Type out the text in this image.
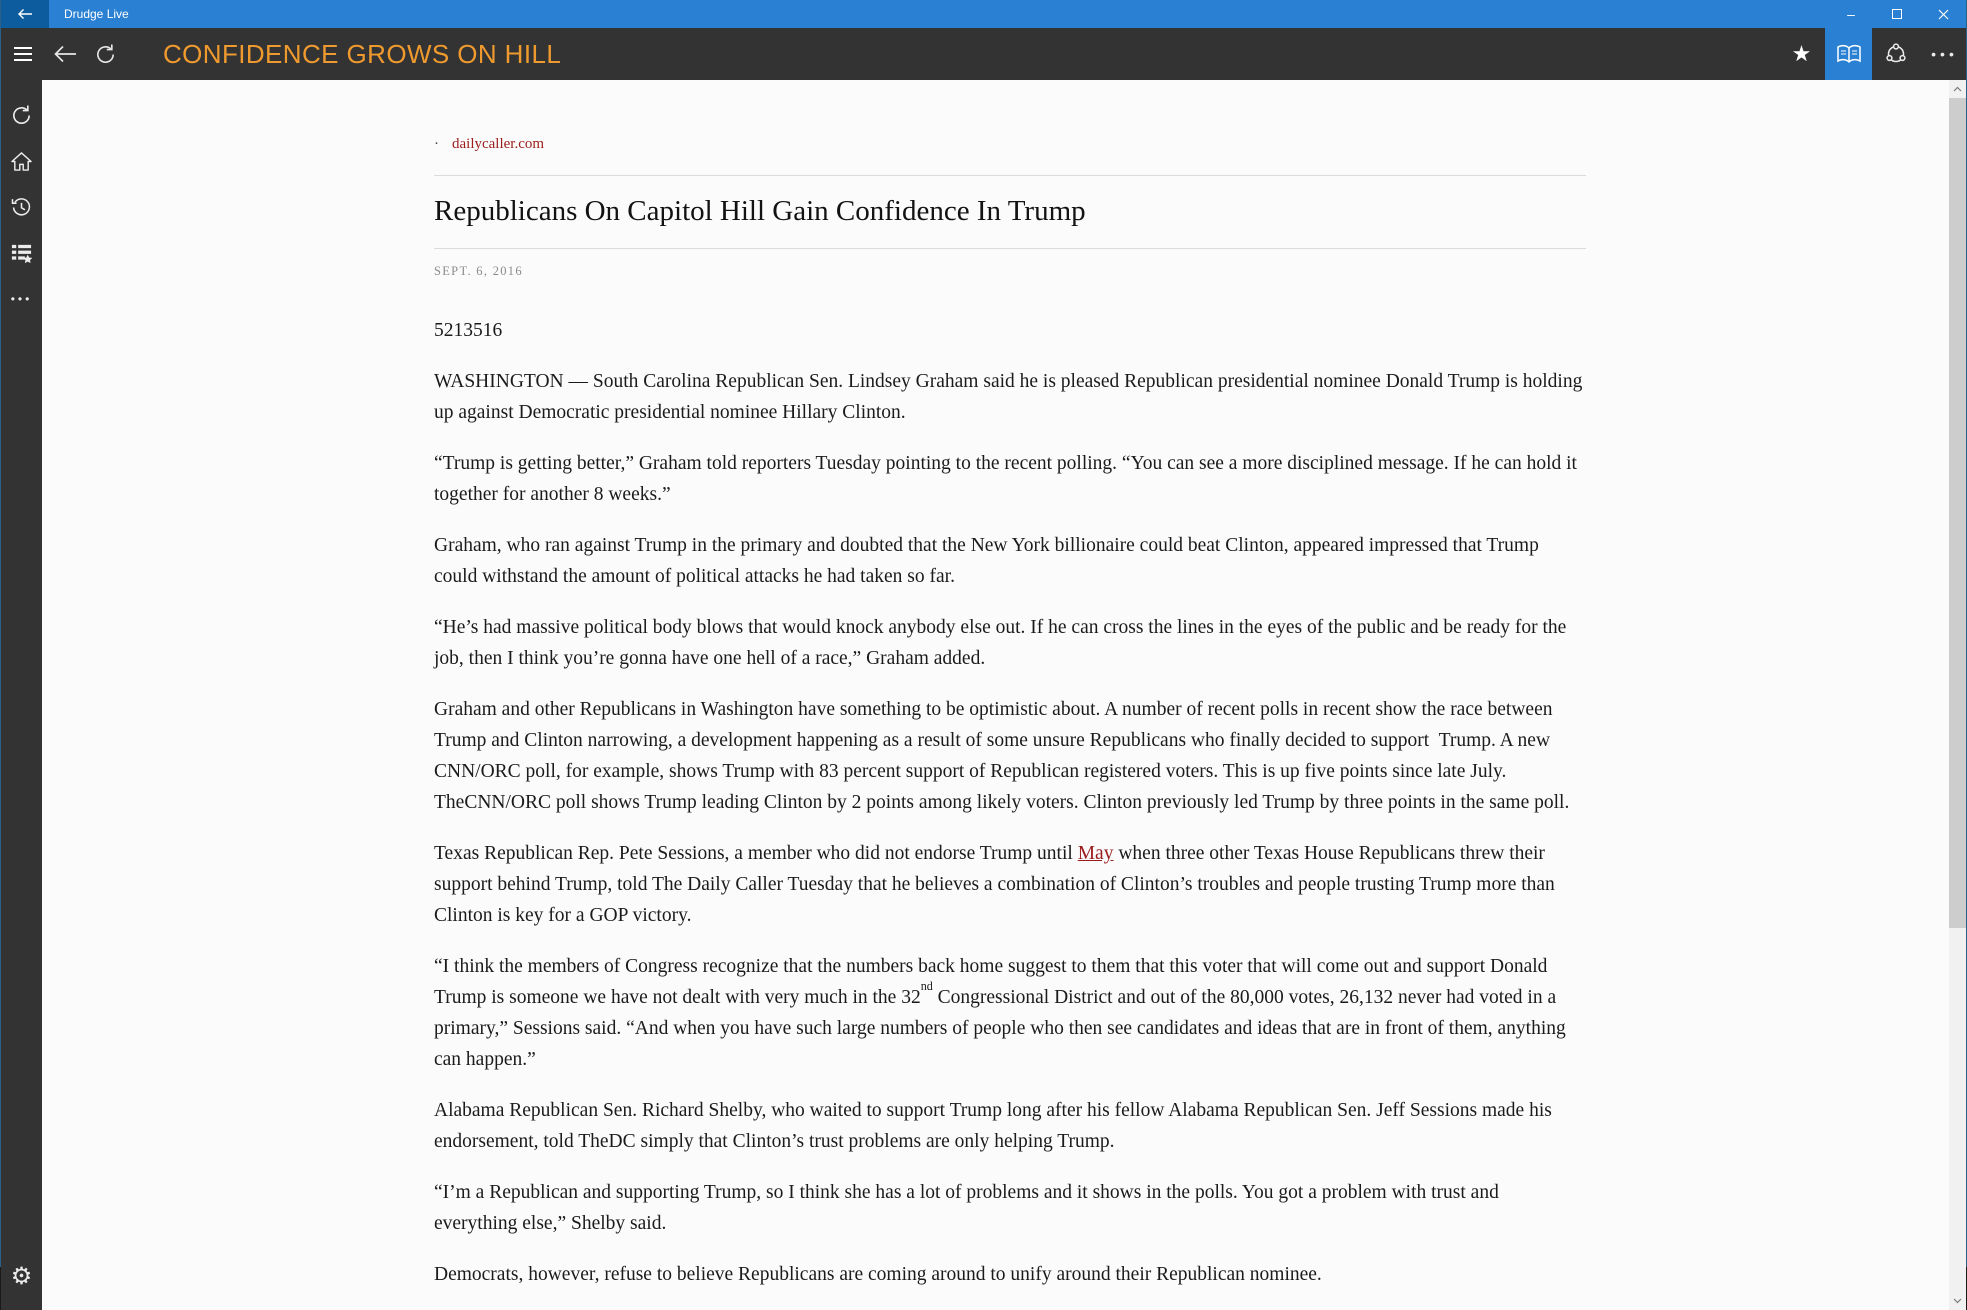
Drudge Live	–
CONFIDENCE GROWS ON HILL	★	•••
•••
⚙
· dailycaller.com
Republicans On Capitol Hill Gain Confidence In Trump
SEPT. 6, 2016

5213516

WASHINGTON — South Carolina Republican Sen. Lindsey Graham said he is pleased Republican presidential nominee Donald Trump is holding up against Democratic presidential nominee Hillary Clinton.

“Trump is getting better,” Graham told reporters Tuesday pointing to the recent polling. “You can see a more disciplined message. If he can hold it together for another 8 weeks.”

Graham, who ran against Trump in the primary and doubted that the New York billionaire could beat Clinton, appeared impressed that Trump could withstand the amount of political attacks he had taken so far.

“He’s had massive political body blows that would knock anybody else out. If he can cross the lines in the eyes of the public and be ready for the job, then I think you’re gonna have one hell of a race,” Graham added.

Graham and other Republicans in Washington have something to be optimistic about. A number of recent polls in recent show the race between Trump and Clinton narrowing, a development happening as a result of some unsure Republicans who finally decided to support  Trump. A new CNN/ORC poll, for example, shows Trump with 83 percent support of Republican registered voters. This is up five points since late July. TheCNN/ORC poll shows Trump leading Clinton by 2 points among likely voters. Clinton previously led Trump by three points in the same poll.

Texas Republican Rep. Pete Sessions, a member who did not endorse Trump until May when three other Texas House Republicans threw their support behind Trump, told The Daily Caller Tuesday that he believes a combination of Clinton’s troubles and people trusting Trump more than Clinton is key for a GOP victory.

“I think the members of Congress recognize that the numbers back home suggest to them that this voter that will come out and support Donald Trump is someone we have not dealt with very much in the 32nd Congressional District and out of the 80,000 votes, 26,132 never had voted in a primary,” Sessions said. “And when you have such large numbers of people who then see candidates and ideas that are in front of them, anything can happen.”

Alabama Republican Sen. Richard Shelby, who waited to support Trump long after his fellow Alabama Republican Sen. Jeff Sessions made his endorsement, told TheDC simply that Clinton’s trust problems are only helping Trump.

“I’m a Republican and supporting Trump, so I think she has a lot of problems and it shows in the polls. You got a problem with trust and everything else,” Shelby said.

Democrats, however, refuse to believe Republicans are coming around to unify around their Republican nominee.
